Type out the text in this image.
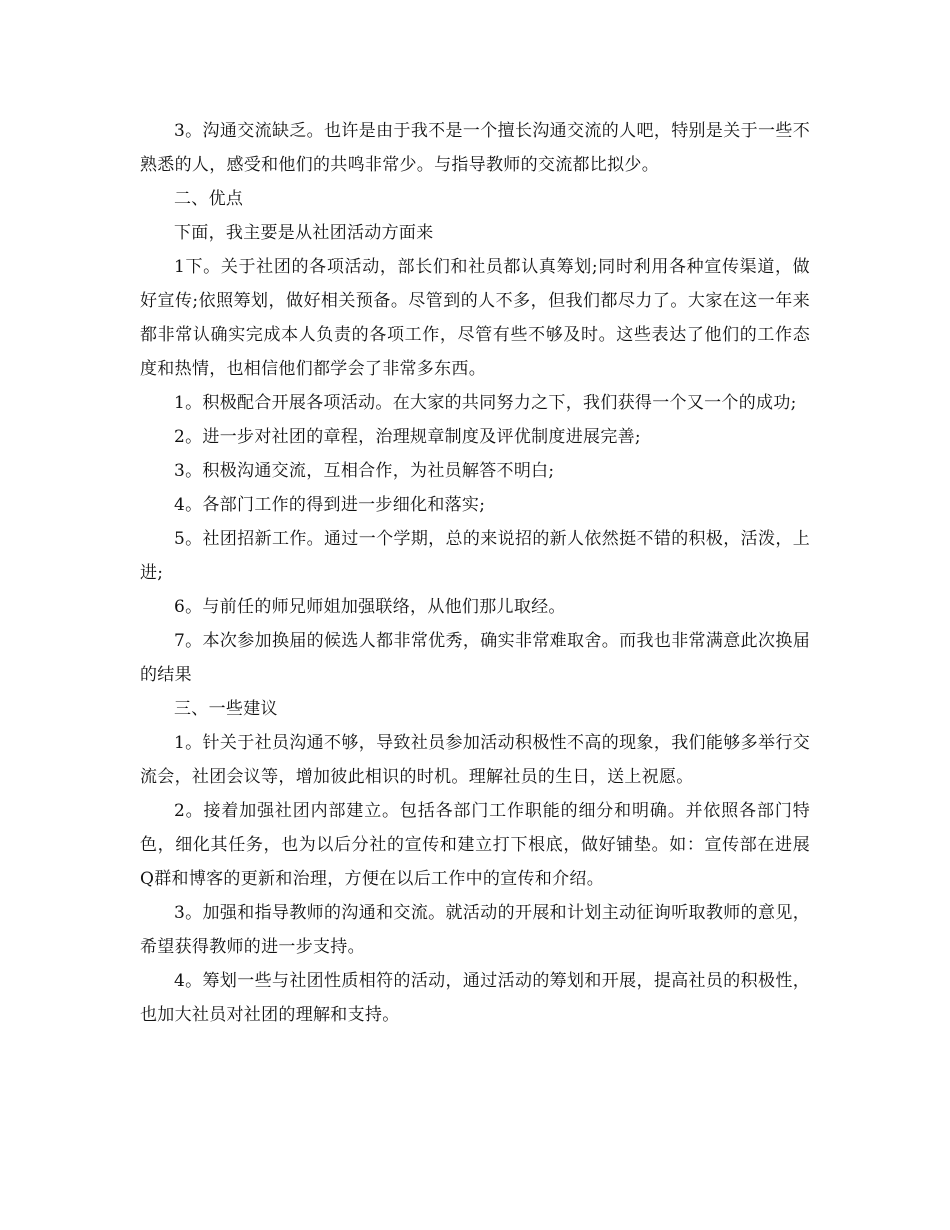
3。沟通交流缺乏。也许是由于我不是一个擅长沟通交流的人吧，特别是关于一些不熟悉的人，感受和他们的共鸣非常少。与指导教师的交流都比拟少。

二、优点

下面，我主要是从社团活动方面来

1下。关于社团的各项活动，部长们和社员都认真筹划;同时利用各种宣传渠道，做好宣传;依照筹划，做好相关预备。尽管到的人不多，但我们都尽力了。大家在这一年来都非常认确实完成本人负责的各项工作，尽管有些不够及时。这些表达了他们的工作态度和热情，也相信他们都学会了非常多东西。

1。积极配合开展各项活动。在大家的共同努力之下，我们获得一个又一个的成功;

2。进一步对社团的章程，治理规章制度及评优制度进展完善;

3。积极沟通交流，互相合作，为社员解答不明白;

4。各部门工作的得到进一步细化和落实;

5。社团招新工作。通过一个学期，总的来说招的新人依然挺不错的积极，活泼，上进;

6。与前任的师兄师姐加强联络，从他们那儿取经。

7。本次参加换届的候选人都非常优秀，确实非常难取舍。而我也非常满意此次换届的结果

三、一些建议

1。针关于社员沟通不够，导致社员参加活动积极性不高的现象，我们能够多举行交流会，社团会议等，增加彼此相识的时机。理解社员的生日，送上祝愿。

2。接着加强社团内部建立。包括各部门工作职能的细分和明确。并依照各部门特色，细化其任务，也为以后分社的宣传和建立打下根底，做好铺垫。如：宣传部在进展Q群和博客的更新和治理，方便在以后工作中的宣传和介绍。

3。加强和指导教师的沟通和交流。就活动的开展和计划主动征询听取教师的意见，希望获得教师的进一步支持。

4。筹划一些与社团性质相符的活动，通过活动的筹划和开展，提高社员的积极性，也加大社员对社团的理解和支持。
